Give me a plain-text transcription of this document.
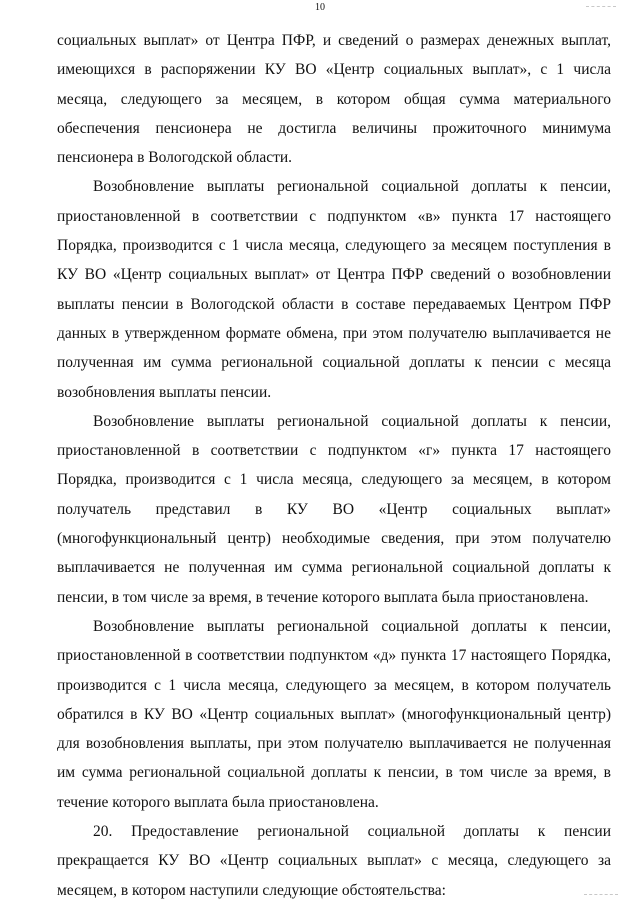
10

социальных выплат» от Центра ПФР, и сведений о размерах денежных выплат, имеющихся в распоряжении КУ ВО «Центр социальных выплат», с 1 числа месяца, следующего за месяцем, в котором общая сумма материального обеспечения пенсионера не достигла величины прожиточного минимума пенсионера в Вологодской области.

Возобновление выплаты региональной социальной доплаты к пенсии, приостановленной в соответствии с подпунктом «в» пункта 17 настоящего Порядка, производится с 1 числа месяца, следующего за месяцем поступления в КУ ВО «Центр социальных выплат» от Центра ПФР сведений о возобновлении выплаты пенсии в Вологодской области в составе передаваемых Центром ПФР данных в утвержденном формате обмена, при этом получателю выплачивается не полученная им сумма региональной социальной доплаты к пенсии с месяца возобновления выплаты пенсии.

Возобновление выплаты региональной социальной доплаты к пенсии, приостановленной в соответствии с подпунктом «г» пункта 17 настоящего Порядка, производится с 1 числа месяца, следующего за месяцем, в котором получатель представил в КУ ВО «Центр социальных выплат» (многофункциональный центр) необходимые сведения, при этом получателю выплачивается не полученная им сумма региональной социальной доплаты к пенсии, в том числе за время, в течение которого выплата была приостановлена.

Возобновление выплаты региональной социальной доплаты к пенсии, приостановленной в соответствии подпунктом «д» пункта 17 настоящего Порядка, производится с 1 числа месяца, следующего за месяцем, в котором получатель обратился в КУ ВО «Центр социальных выплат» (многофункциональный центр) для возобновления выплаты, при этом получателю выплачивается не полученная им сумма региональной социальной доплаты к пенсии, в том числе за время, в течение которого выплата была приостановлена.

20. Предоставление региональной социальной доплаты к пенсии прекращается КУ ВО «Центр социальных выплат» с месяца, следующего за месяцем, в котором наступили следующие обстоятельства:
